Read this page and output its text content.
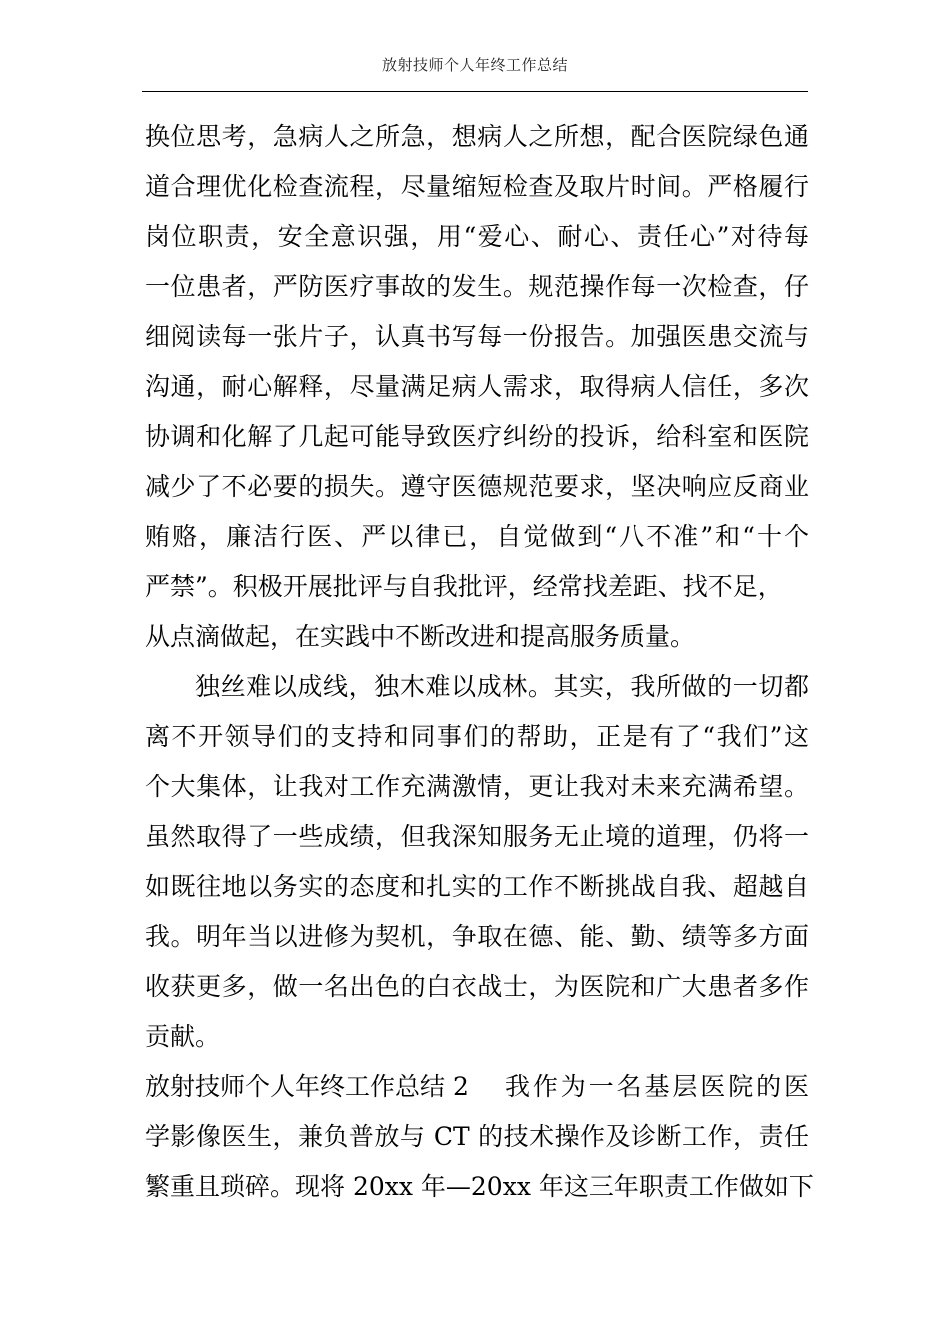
放射技师个人年终工作总结
换位思考，急病人之所急，想病人之所想，配合医院绿色通
道合理优化检查流程，尽量缩短检查及取片时间。严格履行
岗位职责，安全意识强，用“爱心、耐心、责任心”对待每
一位患者，严防医疗事故的发生。规范操作每一次检查，仔
细阅读每一张片子，认真书写每一份报告。加强医患交流与
沟通，耐心解释，尽量满足病人需求，取得病人信任，多次
协调和化解了几起可能导致医疗纠纷的投诉，给科室和医院
减少了不必要的损失。遵守医德规范要求，坚决响应反商业
贿赂，廉洁行医、严以律已，自觉做到“八不准”和“十个
严禁”。积极开展批评与自我批评，经常找差距、找不足，
从点滴做起，在实践中不断改进和提高服务质量。
独丝难以成线，独木难以成林。其实，我所做的一切都
离不开领导们的支持和同事们的帮助，正是有了“我们”这
个大集体，让我对工作充满激情，更让我对未来充满希望。
虽然取得了一些成绩，但我深知服务无止境的道理，仍将一
如既往地以务实的态度和扎实的工作不断挑战自我、超越自
我。明年当以进修为契机，争取在德、能、勤、绩等多方面
收获更多，做一名出色的白衣战士，为医院和广大患者多作
贡献。
放射技师个人年终工作总结 2	我作为一名基层医院的医
学影像医生，兼负普放与 CT 的技术操作及诊断工作，责任
繁重且琐碎。现将 20xx 年—20xx 年这三年职责工作做如下
